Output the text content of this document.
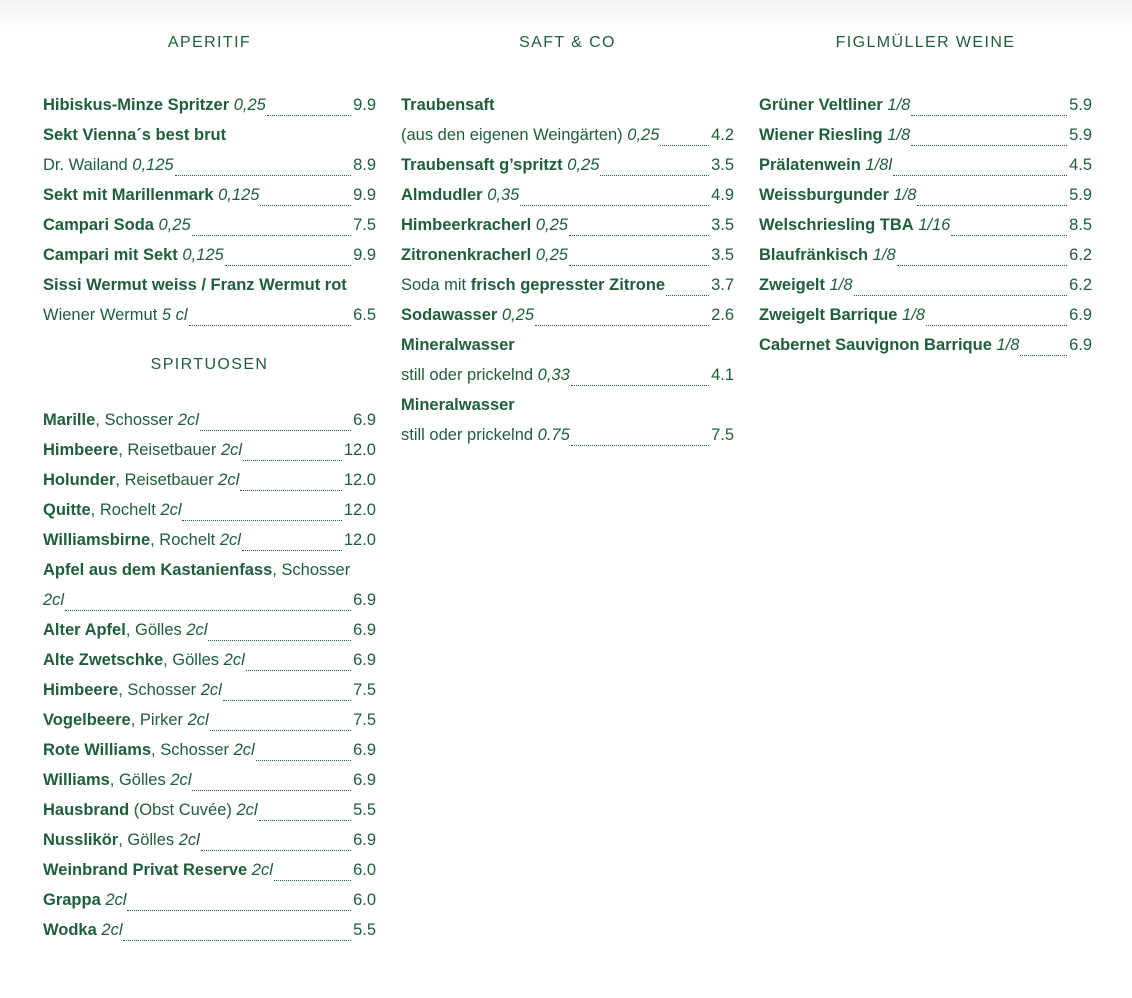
APERITIF
Hibiskus-Minze Spritzer 0,25	9.9
Sekt Vienna´s best brut
Dr. Wailand 0,125	8.9
Sekt mit Marillenmark 0,125	9.9
Campari Soda 0,25	7.5
Campari mit Sekt 0,125	9.9
Sissi Wermut weiss / Franz Wermut rot
Wiener Wermut 5 cl	6.5
SPIRTUOSEN
Marille, Schosser 2cl	6.9
Himbeere, Reisetbauer 2cl	12.0
Holunder, Reisetbauer 2cl	12.0
Quitte, Rochelt 2cl	12.0
Williamsbirne, Rochelt 2cl	12.0
Apfel aus dem Kastanienfass, Schosser
2cl	6.9
Alter Apfel, Gölles 2cl	6.9
Alte Zwetschke, Gölles 2cl	6.9
Himbeere, Schosser 2cl	7.5
Vogelbeere, Pirker 2cl	7.5
Rote Williams, Schosser 2cl	6.9
Williams, Gölles 2cl	6.9
Hausbrand (Obst Cuvée) 2cl	5.5
Nusslikör, Gölles 2cl	6.9
Weinbrand Privat Reserve 2cl	6.0
Grappa 2cl	6.0
Wodka 2cl	5.5
SAFT & CO
Traubensaft
(aus den eigenen Weingärten) 0,25	4.2
Traubensaft g’spritzt 0,25	3.5
Almdudler 0,35	4.9
Himbeerkracherl 0,25	3.5
Zitronenkracherl 0,25	3.5
Soda mit frisch gepresster Zitrone	3.7
Sodawasser 0,25	2.6
Mineralwasser
still oder prickelnd 0,33	4.1
Mineralwasser
still oder prickelnd 0.75	7.5
FIGLMÜLLER WEINE
Grüner Veltliner 1/8	5.9
Wiener Riesling 1/8	5.9
Prälatenwein 1/8l	4.5
Weissburgunder 1/8	5.9
Welschriesling TBA 1/16	8.5
Blaufränkisch 1/8	6.2
Zweigelt 1/8	6.2
Zweigelt Barrique 1/8	6.9
Cabernet Sauvignon Barrique 1/8	6.9
